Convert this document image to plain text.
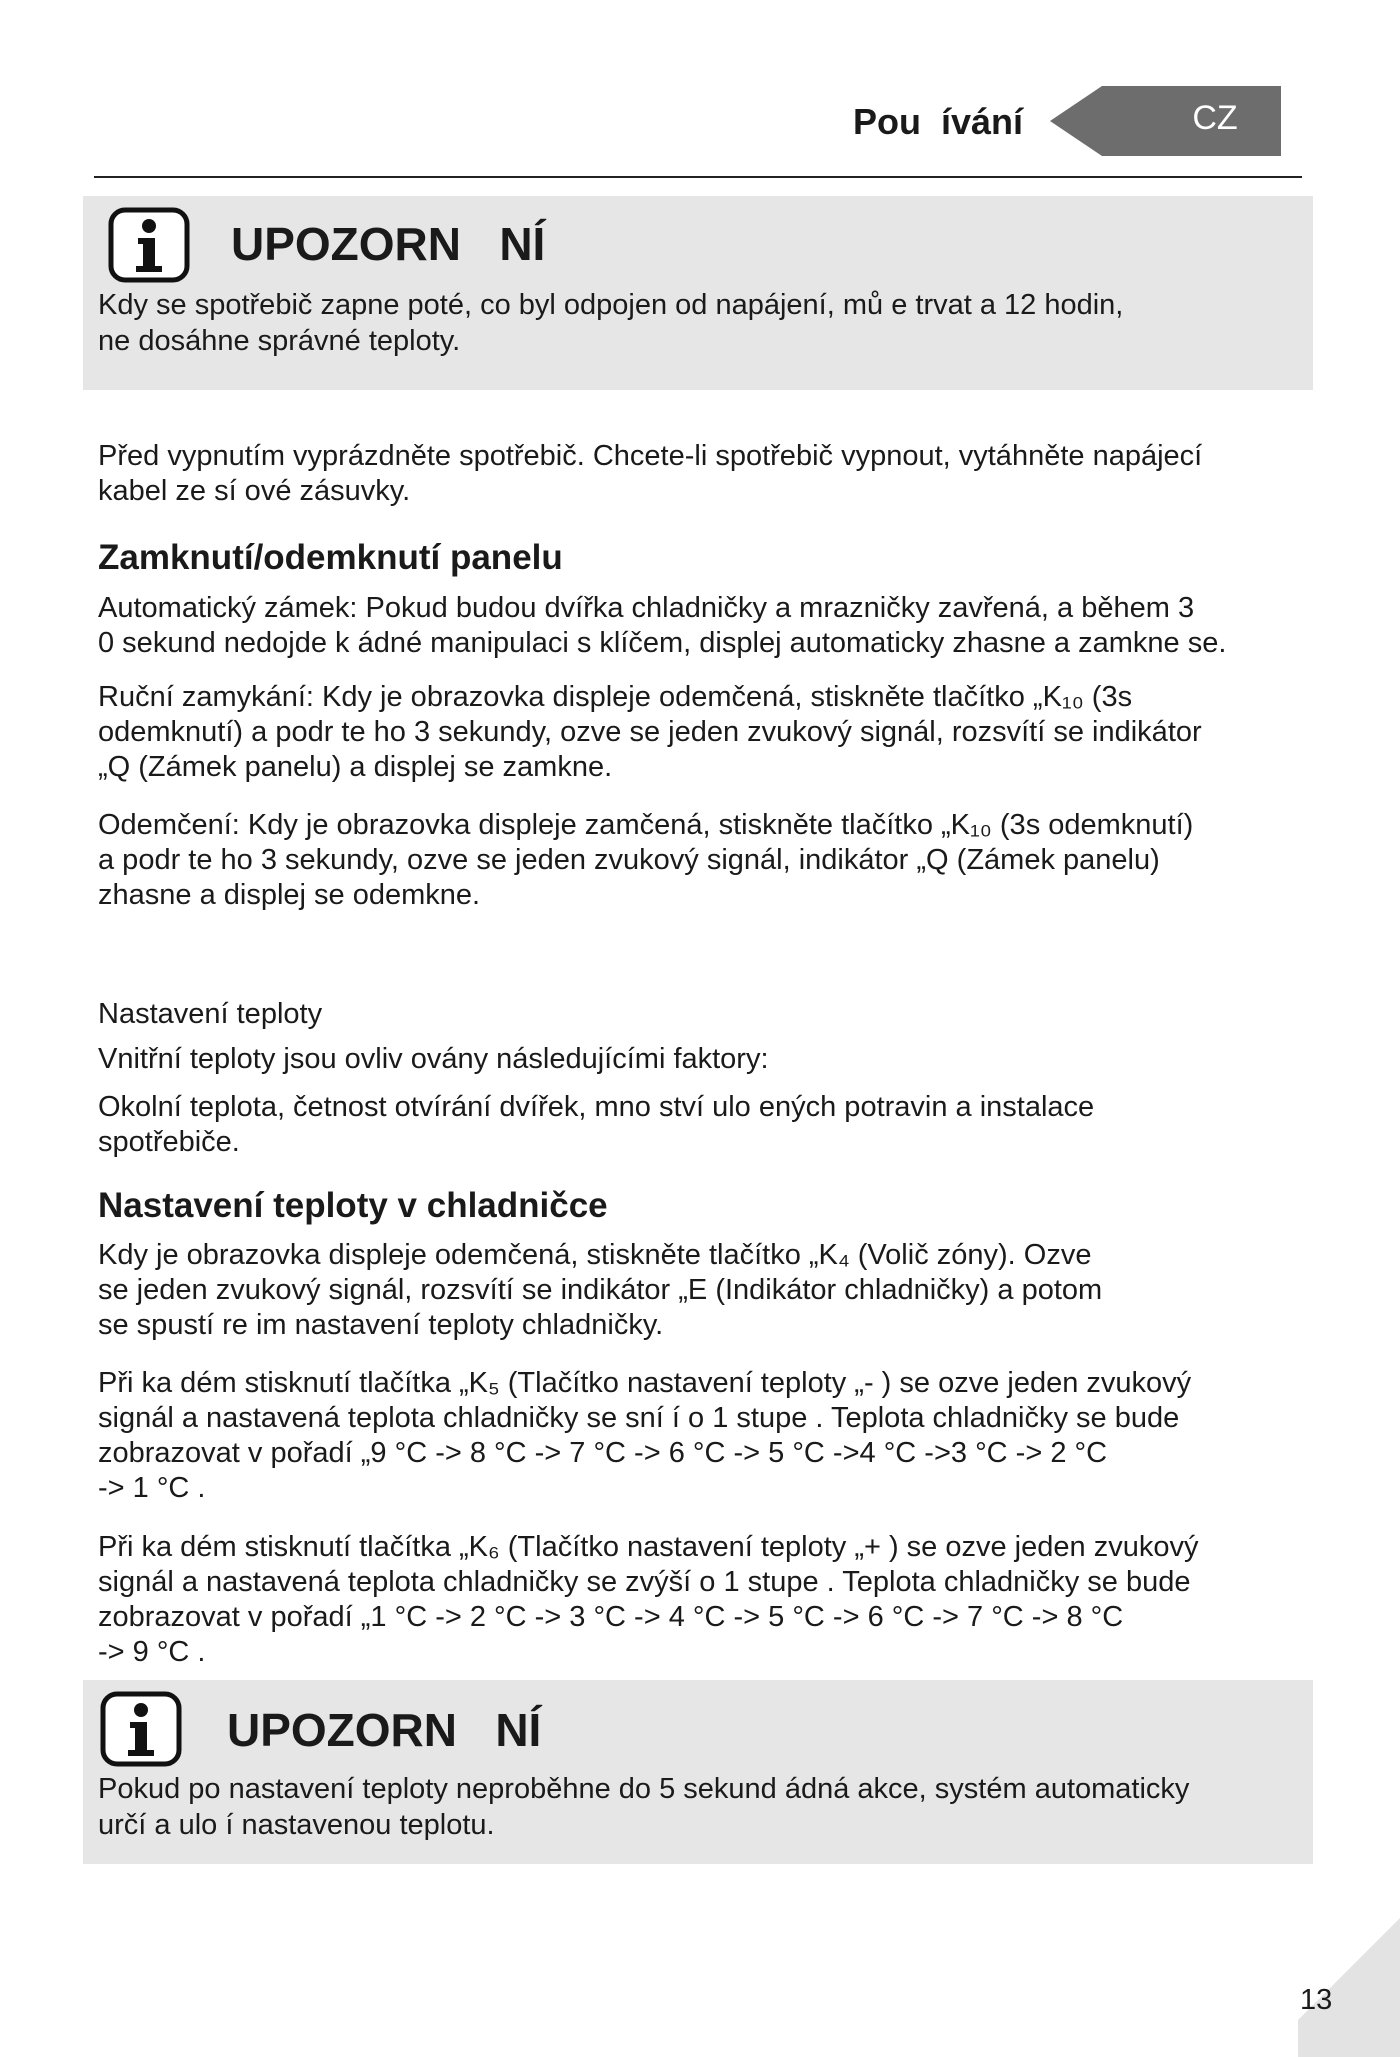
Pou  ívání	CZ
UPOZORN   NÍ
Kdy se spotřebič zapne poté, co byl odpojen od napájení, mů e trvat a 12 hodin,
ne dosáhne správné teploty.
Před vypnutím vyprázdněte spotřebič. Chcete-li spotřebič vypnout, vytáhněte napájecí
kabel ze sí ové zásuvky.
Zamknutí/odemknutí panelu
Automatický zámek: Pokud budou dvířka chladničky a mrazničky zavřená, a během 3
0 sekund nedojde k ádné manipulaci s klíčem, displej automaticky zhasne a zamkne se.
Ruční zamykání: Kdy je obrazovka displeje odemčená, stiskněte tlačítko „K₁₀ (3s
odemknutí) a podr te ho 3 sekundy, ozve se jeden zvukový signál, rozsvítí se indikátor
„Q (Zámek panelu) a displej se zamkne.
Odemčení: Kdy je obrazovka displeje zamčená, stiskněte tlačítko „K₁₀ (3s odemknutí)
a podr te ho 3 sekundy, ozve se jeden zvukový signál, indikátor „Q (Zámek panelu)
zhasne a displej se odemkne.
Nastavení teploty
Vnitřní teploty jsou ovliv ovány následujícími faktory:
Okolní teplota, četnost otvírání dvířek, mno ství ulo ených potravin a instalace
spotřebiče.
Nastavení teploty v chladničce
Kdy je obrazovka displeje odemčená, stiskněte tlačítko „K₄ (Volič zóny). Ozve
se jeden zvukový signál, rozsvítí se indikátor „E (Indikátor chladničky) a potom
se spustí re im nastavení teploty chladničky.
Při ka dém stisknutí tlačítka „K₅ (Tlačítko nastavení teploty „- ) se ozve jeden zvukový
signál a nastavená teplota chladničky se sní í o 1 stupe . Teplota chladničky se bude
zobrazovat v pořadí „9 °C -> 8 °C -> 7 °C -> 6 °C -> 5 °C ->4 °C ->3 °C -> 2 °C
-> 1 °C .
Při ka dém stisknutí tlačítka „K₆ (Tlačítko nastavení teploty „+ ) se ozve jeden zvukový
signál a nastavená teplota chladničky se zvýší o 1 stupe . Teplota chladničky se bude
zobrazovat v pořadí „1 °C -> 2 °C -> 3 °C -> 4 °C -> 5 °C -> 6 °C -> 7 °C -> 8 °C
-> 9 °C .
UPOZORN   NÍ
Pokud po nastavení teploty neproběhne do 5 sekund ádná akce, systém automaticky
určí a ulo í nastavenou teplotu.
13
